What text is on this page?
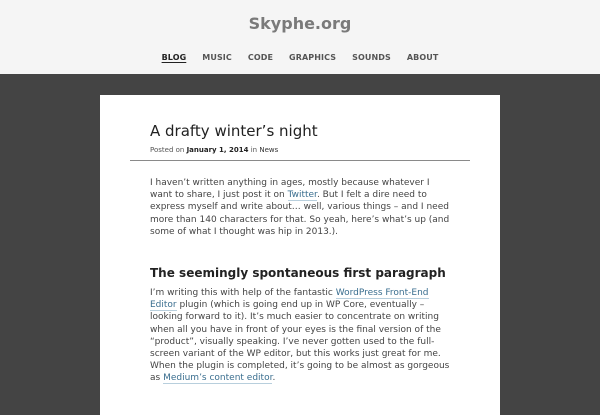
Skyphe.org
BLOG MUSIC CODE GRAPHICS SOUNDS ABOUT
A drafty winter’s night
Posted on January 1, 2014 in News

I haven’t written anything in ages, mostly because whatever I want to share, I just post it on Twitter. But I felt a dire need to express myself and write about… well, various things – and I need more than 140 characters for that. So yeah, here’s what’s up (and some of what I thought was hip in 2013.).

The seemingly spontaneous first paragraph

I’m writing this with help of the fantastic WordPress Front-End Editor plugin (which is going end up in WP Core, eventually – looking forward to it). It’s much easier to concentrate on writing when all you have in front of your eyes is the final version of the “product”, visually speaking. I’ve never gotten used to the full-screen variant of the WP editor, but this works just great for me.
When the plugin is completed, it’s going to be almost as gorgeous as Medium’s content editor.
